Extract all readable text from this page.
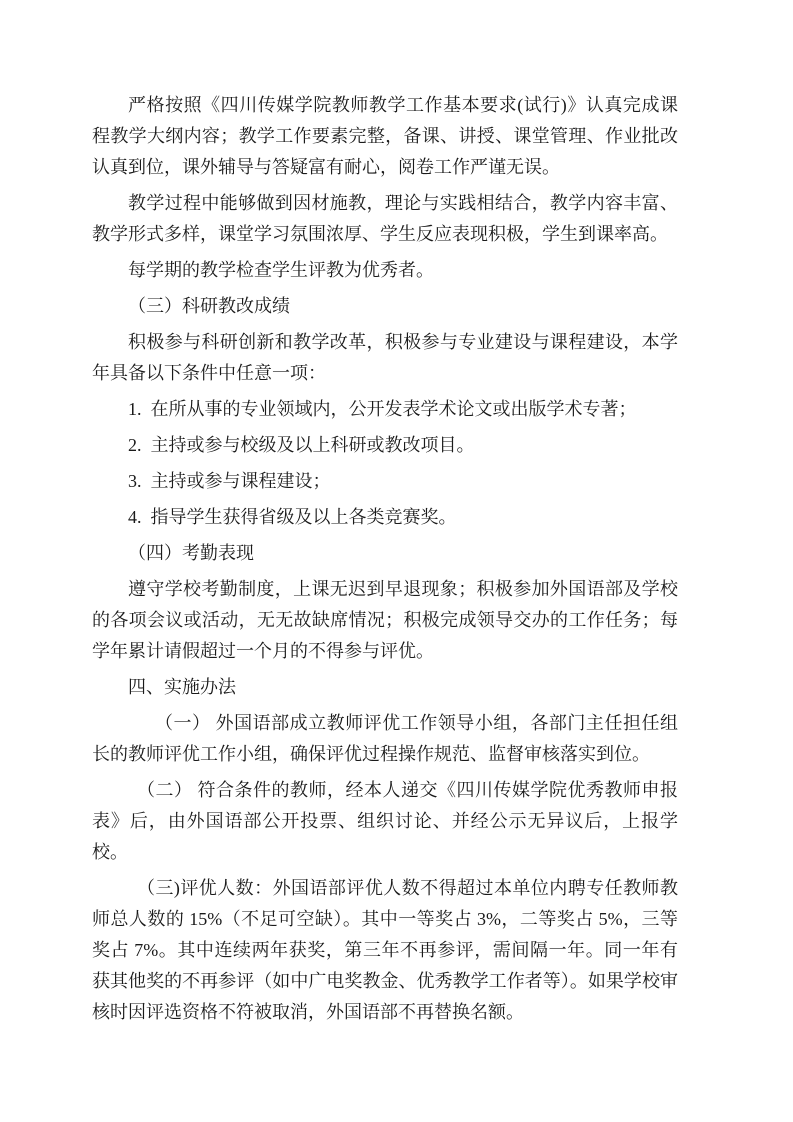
严格按照《四川传媒学院教师教学工作基本要求(试行)》认真完成课程教学大纲内容；教学工作要素完整，备课、讲授、课堂管理、作业批改认真到位，课外辅导与答疑富有耐心，阅卷工作严谨无误。

教学过程中能够做到因材施教，理论与实践相结合，教学内容丰富、教学形式多样，课堂学习氛围浓厚、学生反应表现积极，学生到课率高。

每学期的教学检查学生评教为优秀者。

（三）科研教改成绩

积极参与科研创新和教学改革，积极参与专业建设与课程建设，本学年具备以下条件中任意一项：

1. 在所从事的专业领域内，公开发表学术论文或出版学术专著；

2. 主持或参与校级及以上科研或教改项目。

3. 主持或参与课程建设；

4. 指导学生获得省级及以上各类竞赛奖。

（四）考勤表现

遵守学校考勤制度，上课无迟到早退现象；积极参加外国语部及学校的各项会议或活动，无无故缺席情况；积极完成领导交办的工作任务；每学年累计请假超过一个月的不得参与评优。

四、实施办法

（一） 外国语部成立教师评优工作领导小组，各部门主任担任组长的教师评优工作小组，确保评优过程操作规范、监督审核落实到位。

（二） 符合条件的教师，经本人递交《四川传媒学院优秀教师申报表》后，由外国语部公开投票、组织讨论、并经公示无异议后，上报学校。

（三)评优人数：外国语部评优人数不得超过本单位内聘专任教师教师总人数的 15%（不足可空缺）。其中一等奖占 3%，二等奖占 5%，三等奖占 7%。其中连续两年获奖，第三年不再参评，需间隔一年。同一年有获其他奖的不再参评（如中广电奖教金、优秀教学工作者等）。如果学校审核时因评选资格不符被取消，外国语部不再替换名额。
